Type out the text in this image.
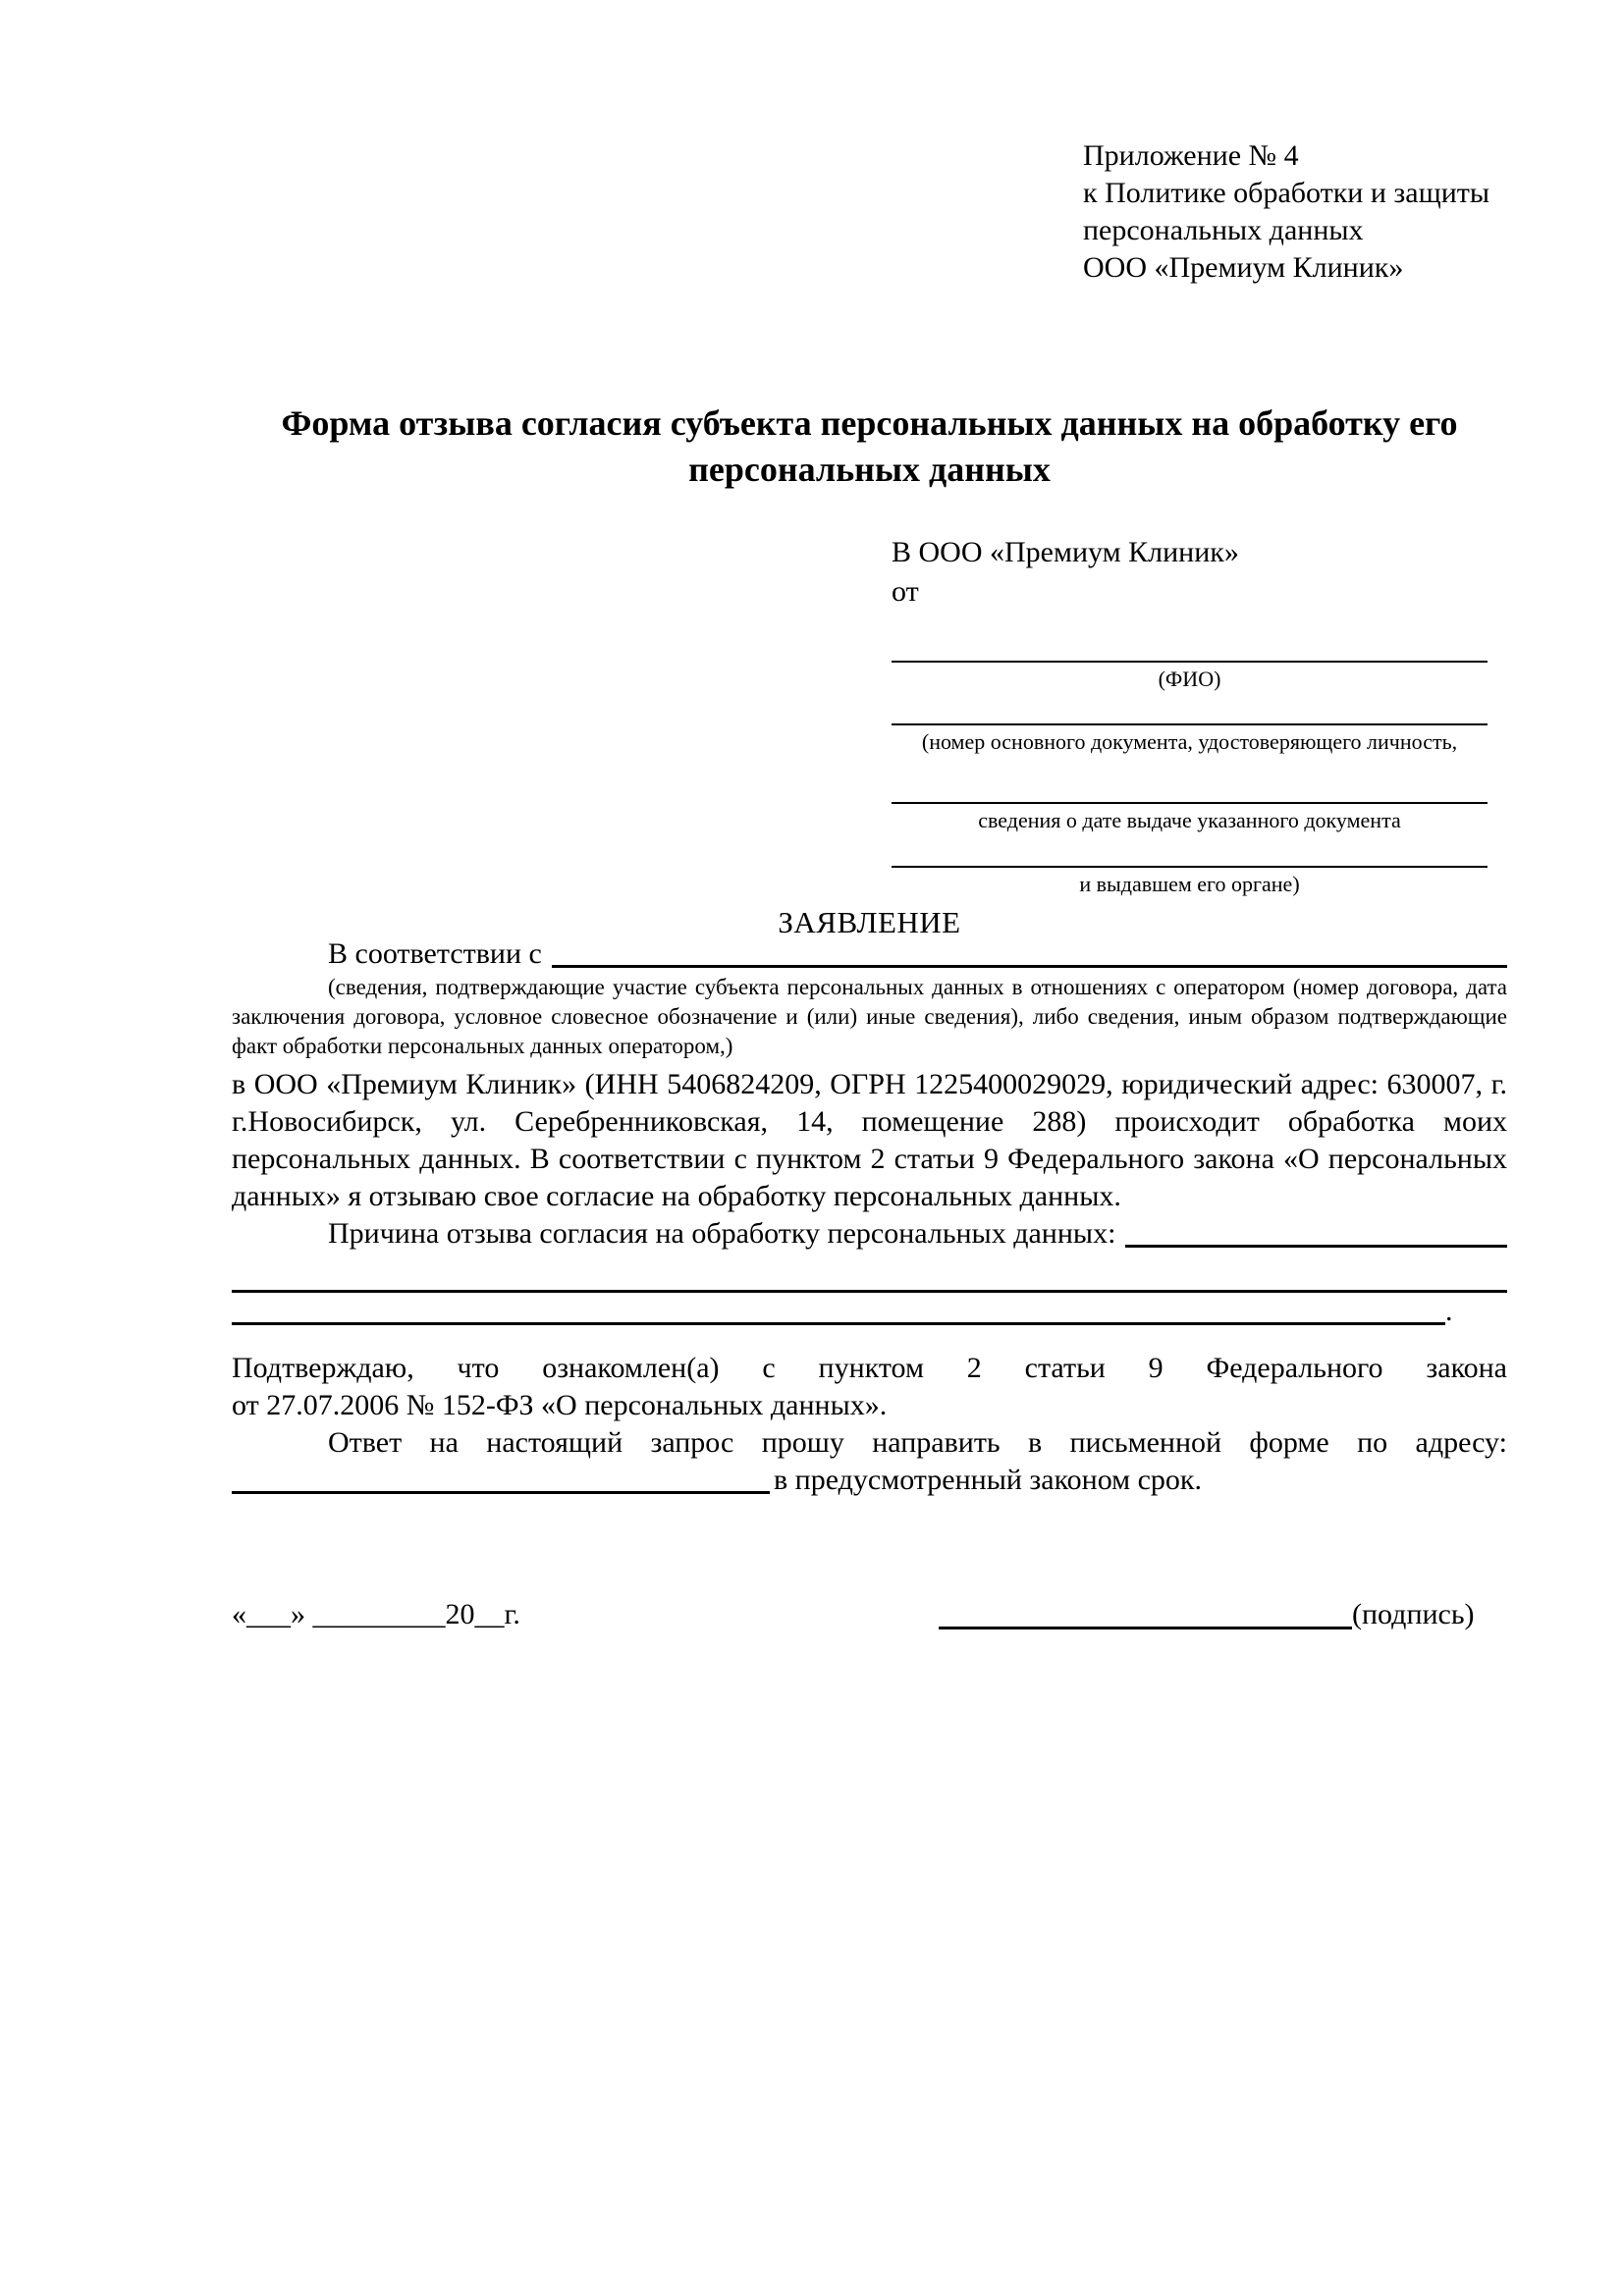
Приложение № 4
к Политике обработки и защиты
персональных данных
ООО «Премиум Клиник»
Форма отзыва согласия субъекта персональных данных на обработку его персональных данных
В ООО «Премиум Клиник»
от
(ФИО)
(номер основного документа, удостоверяющего личность,
сведения о дате выдаче указанного документа
и выдавшем его органе)
ЗАЯВЛЕНИЕ
В соответствии с
(сведения, подтверждающие участие субъекта персональных данных в отношениях с оператором (номер договора, дата заключения договора, условное словесное обозначение и (или) иные сведения), либо сведения, иным образом подтверждающие факт обработки персональных данных оператором,)
в ООО «Премиум Клиник» (ИНН 5406824209, ОГРН 1225400029029, юридический адрес: 630007, г. г.Новосибирск, ул. Серебренниковская, 14, помещение 288) происходит обработка моих персональных данных. В соответствии с пунктом 2 статьи 9 Федерального закона «О персональных данных» я отзываю свое согласие на обработку персональных данных.
Причина отзыва согласия на обработку персональных данных:
.
Подтверждаю, что ознакомлен(а) с пунктом 2 статьи 9 Федерального закона
от 27.07.2006 № 152-ФЗ «О персональных данных».
Ответ на настоящий запрос прошу направить в письменной форме по адресу:
в предусмотренный законом срок.
«___» _________20__г.	(подпись)
